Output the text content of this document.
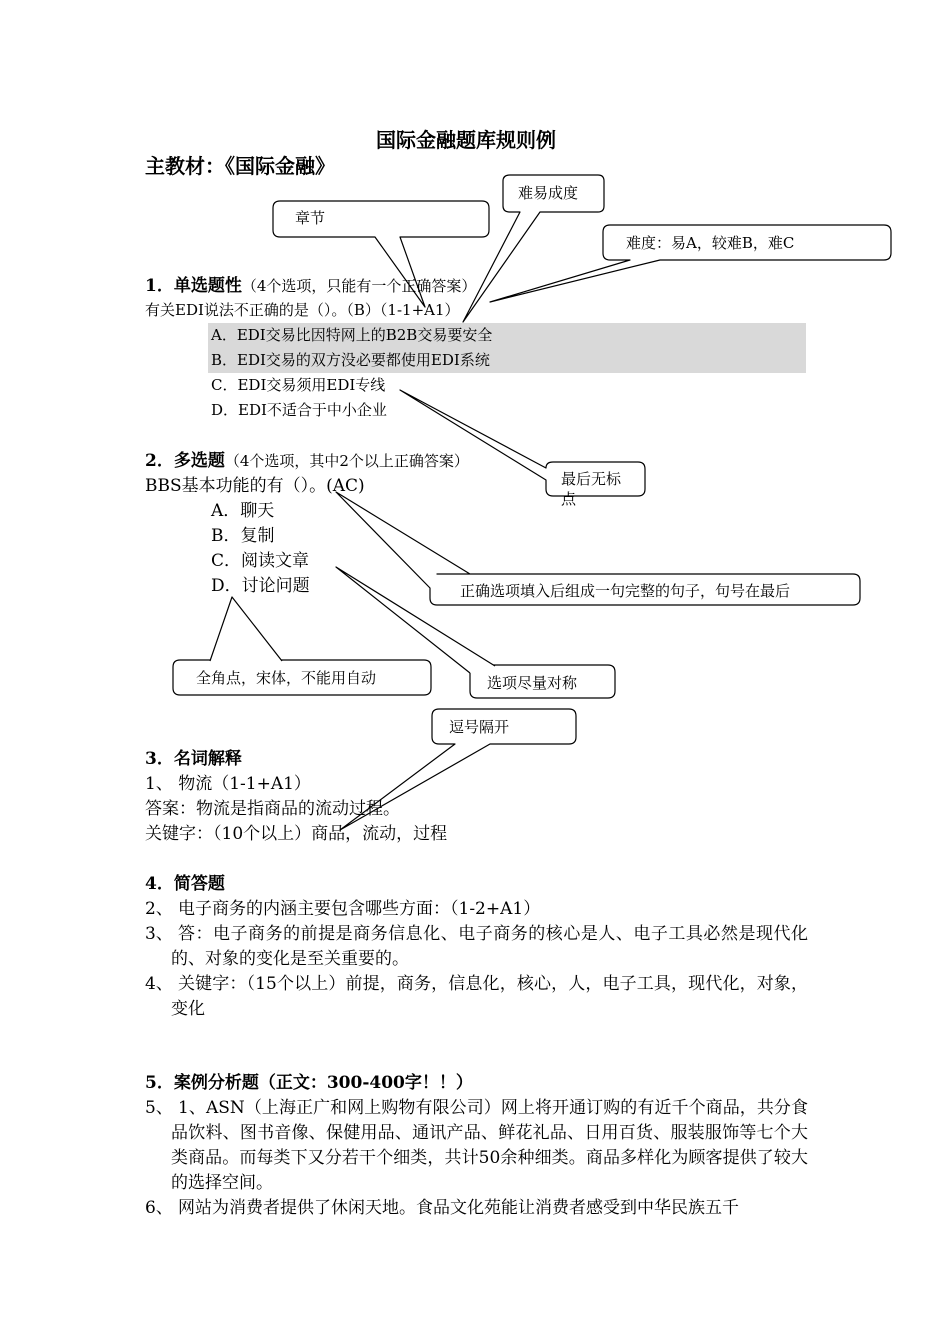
国际金融题库规则例
主教材：《国际金融》
难易成度
章节
难度：易A，较难B，难C
最后无标
点
正确选项填入后组成一句完整的句子，句号在最后
全角点，宋体，不能用自动	选项尽量对称
逗号隔开
1．单选题性（4个选项，只能有一个正确答案）
有关EDI说法不正确的是（）。（B）（1-1+A1）
A．EDI交易比因特网上的B2B交易要安全
B．EDI交易的双方没必要都使用EDI系统
C．EDI交易须用EDI专线
D．EDI不适合于中小企业
2．多选题（4个选项，其中2个以上正确答案）
BBS基本功能的有（）。(AC)
A．聊天
B．复制
C．阅读文章
D．讨论问题
3．名词解释
1、 物流（1-1+A1）
答案：物流是指商品的流动过程。
关键字：（10个以上）商品，流动，过程
4．简答题
2、 电子商务的内涵主要包含哪些方面：（1-2+A1）
3、 答：电子商务的前提是商务信息化、电子商务的核心是人、电子工具必然是现代化的、对象的变化是至关重要的。
4、 关键字：（15个以上）前提，商务，信息化，核心，人，电子工具，现代化，对象，变化
5．案例分析题（正文：300-400字！！）
5、 1、ASN（上海正广和网上购物有限公司）网上将开通订购的有近千个商品，共分食品饮料、图书音像、保健用品、通讯产品、鲜花礼品、日用百货、服装服饰等七个大类商品。而每类下又分若干个细类，共计50余种细类。商品多样化为顾客提供了较大的选择空间。
6、 网站为消费者提供了休闲天地。食品文化苑能让消费者感受到中华民族五千
